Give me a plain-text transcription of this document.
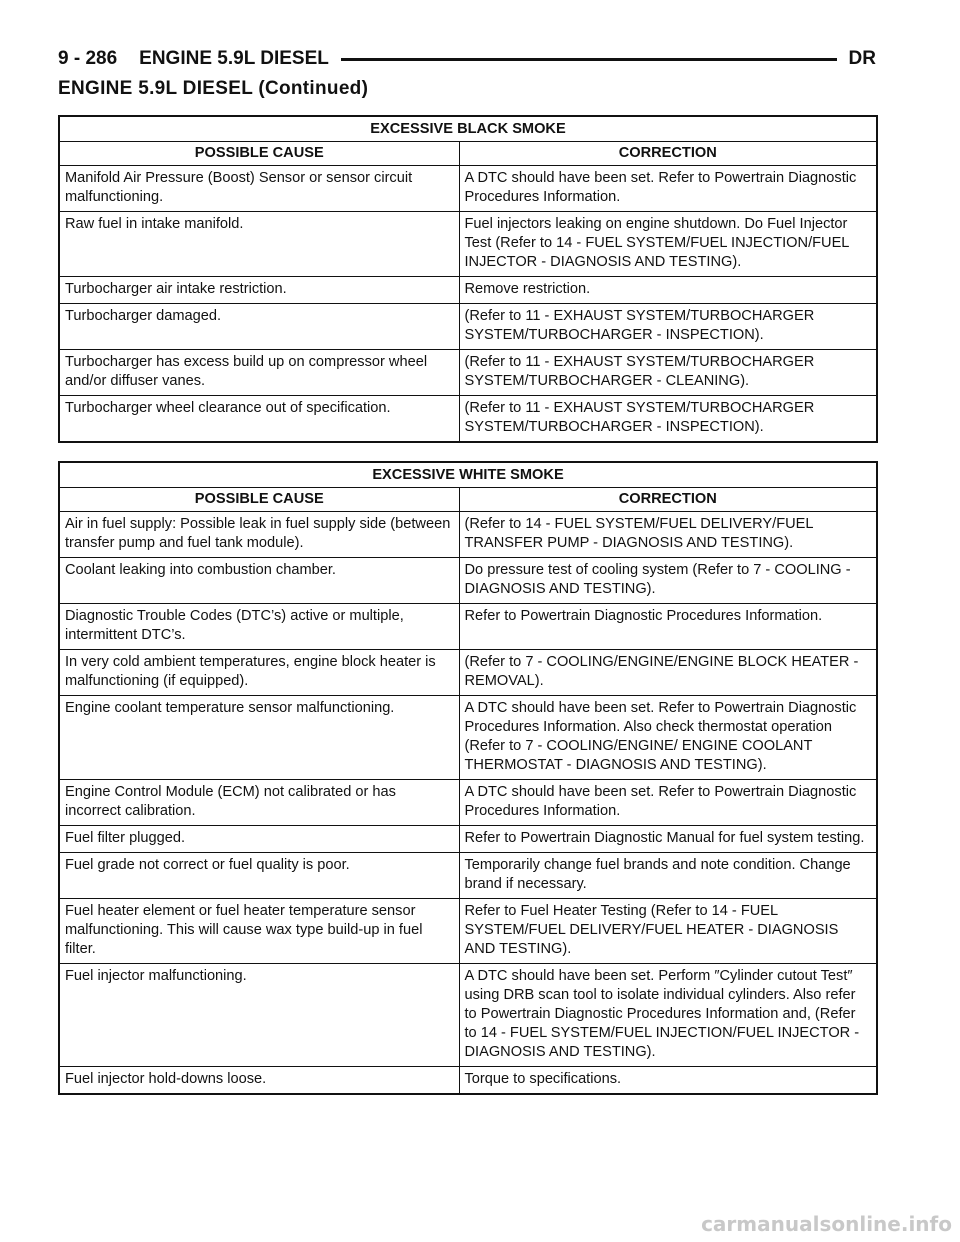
9 - 286 ENGINE 5.9L DIESEL	DR
ENGINE 5.9L DIESEL (Continued)
EXCESSIVE BLACK SMOKE	
POSSIBLE CAUSE	CORRECTION
Manifold Air Pressure (Boost) Sensor or sensor circuit malfunctioning.	A DTC should have been set. Refer to Powertrain Diagnostic Procedures Information.
Raw fuel in intake manifold.	Fuel injectors leaking on engine shutdown. Do Fuel Injector Test (Refer to 14 - FUEL SYSTEM/FUEL INJECTION/FUEL INJECTOR - DIAGNOSIS AND TESTING).
Turbocharger air intake restriction.	Remove restriction.
Turbocharger damaged.	(Refer to 11 - EXHAUST SYSTEM/TURBOCHARGER SYSTEM/TURBOCHARGER - INSPECTION).
Turbocharger has excess build up on compressor wheel and/or diffuser vanes.	(Refer to 11 - EXHAUST SYSTEM/TURBOCHARGER SYSTEM/TURBOCHARGER - CLEANING).
Turbocharger wheel clearance out of specification.	(Refer to 11 - EXHAUST SYSTEM/TURBOCHARGER SYSTEM/TURBOCHARGER - INSPECTION).
EXCESSIVE WHITE SMOKE	
POSSIBLE CAUSE	CORRECTION
Air in fuel supply: Possible leak in fuel supply side (between transfer pump and fuel tank module).	(Refer to 14 - FUEL SYSTEM/FUEL DELIVERY/FUEL TRANSFER PUMP - DIAGNOSIS AND TESTING).
Coolant leaking into combustion chamber.	Do pressure test of cooling system (Refer to 7 - COOLING - DIAGNOSIS AND TESTING).
Diagnostic Trouble Codes (DTC’s) active or multiple, intermittent DTC’s.	Refer to Powertrain Diagnostic Procedures Information.
In very cold ambient temperatures, engine block heater is malfunctioning (if equipped).	(Refer to 7 - COOLING/ENGINE/ENGINE BLOCK HEATER - REMOVAL).
Engine coolant temperature sensor malfunctioning.	A DTC should have been set. Refer to Powertrain Diagnostic Procedures Information. Also check thermostat operation (Refer to 7 - COOLING/ENGINE/ ENGINE COOLANT THERMOSTAT - DIAGNOSIS AND TESTING).
Engine Control Module (ECM) not calibrated or has incorrect calibration.	A DTC should have been set. Refer to Powertrain Diagnostic Procedures Information.
Fuel filter plugged.	Refer to Powertrain Diagnostic Manual for fuel system testing.
Fuel grade not correct or fuel quality is poor.	Temporarily change fuel brands and note condition. Change brand if necessary.
Fuel heater element or fuel heater temperature sensor malfunctioning. This will cause wax type build-up in fuel filter.	Refer to Fuel Heater Testing (Refer to 14 - FUEL SYSTEM/FUEL DELIVERY/FUEL HEATER - DIAGNOSIS AND TESTING).
Fuel injector malfunctioning.	A DTC should have been set. Perform ″Cylinder cutout Test″ using DRB scan tool to isolate individual cylinders. Also refer to Powertrain Diagnostic Procedures Information and, (Refer to 14 - FUEL SYSTEM/FUEL INJECTION/FUEL INJECTOR - DIAGNOSIS AND TESTING).
Fuel injector hold-downs loose.	Torque to specifications.
carmanualsonline.info
